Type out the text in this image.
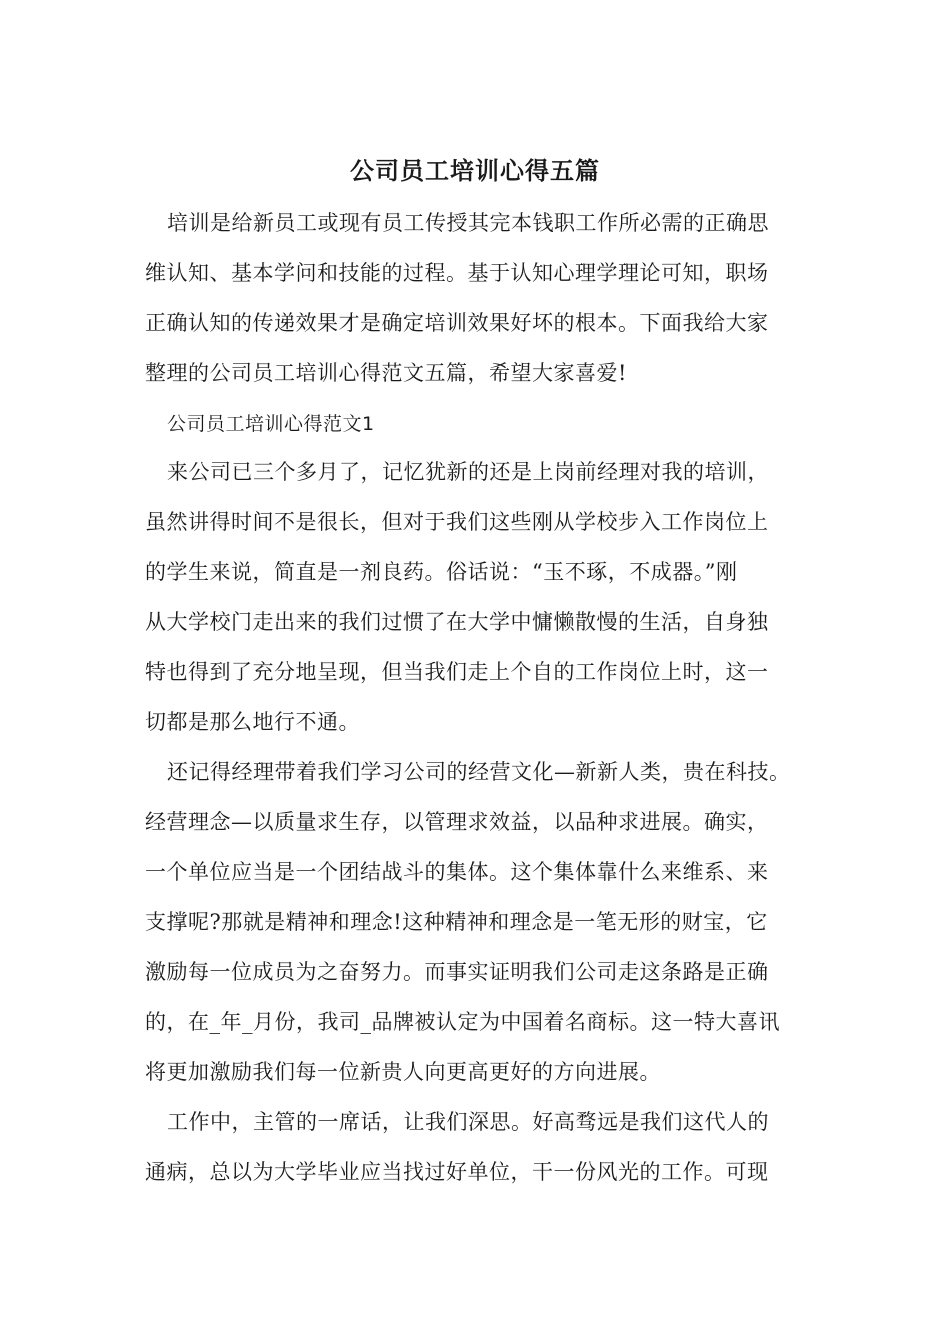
公司员工培训心得五篇
培训是给新员工或现有员工传授其完本钱职工作所必需的正确思
维认知、基本学问和技能的过程。基于认知心理学理论可知，职场
正确认知的传递效果才是确定培训效果好坏的根本。下面我给大家
整理的公司员工培训心得范文五篇，希望大家喜爱!
公司员工培训心得范文1
来公司已三个多月了，记忆犹新的还是上岗前经理对我的培训，
虽然讲得时间不是很长，但对于我们这些刚从学校步入工作岗位上
的学生来说，简直是一剂良药。俗话说：“玉不琢，不成器。”刚
从大学校门走出来的我们过惯了在大学中慵懒散慢的生活，自身独
特也得到了充分地呈现，但当我们走上个自的工作岗位上时，这一
切都是那么地行不通。
还记得经理带着我们学习公司的经营文化—新新人类，贵在科技。
经营理念—以质量求生存，以管理求效益，以品种求进展。确实，
一个单位应当是一个团结战斗的集体。这个集体靠什么来维系、来
支撑呢?那就是精神和理念!这种精神和理念是一笔无形的财宝，它
激励每一位成员为之奋努力。而事实证明我们公司走这条路是正确
的，在_年_月份，我司_品牌被认定为中国着名商标。这一特大喜讯
将更加激励我们每一位新贵人向更高更好的方向进展。
工作中，主管的一席话，让我们深思。好高骛远是我们这代人的
通病，总以为大学毕业应当找过好单位，干一份风光的工作。可现
